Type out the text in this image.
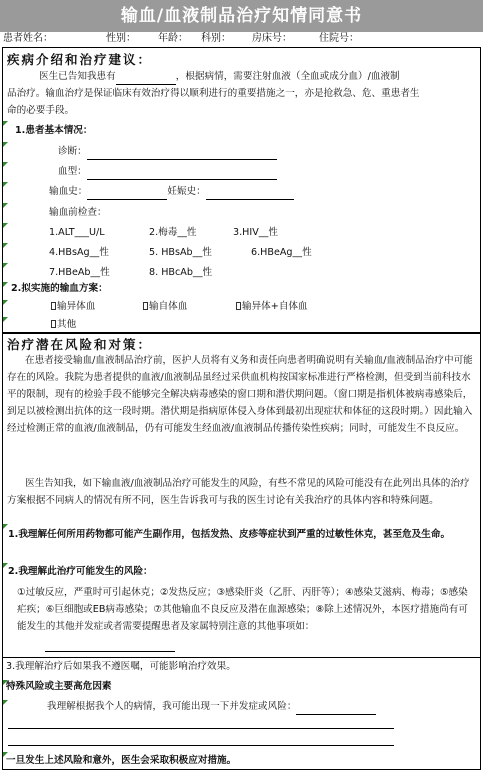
输血/血液制品治疗知情同意书
患者姓名：	性别： 年龄： 科别： 房床号：	住院号：
疾病介绍和治疗建议：
医生已告知我患有	，根据病情，需要注射血液（全血或成分血）/血液制
品治疗。输血治疗是保证临床有效治疗得以顺利进行的重要措施之一，亦是抢救急、危、重患者生
命的必要手段。
1.患者基本情况：
诊断：
血型：
输血史：	妊娠史：
输血前检查：
1.ALT___U/L	2.梅毒__性	3.HIV__性
4.HBsAg__性	5. HBsAb__性	6.HBeAg__性
7.HBeAb__性	8. HBcAb__性
2.拟实施的输血方案：
输异体血	输自体血	输异体+自体血
其他
治疗潜在风险和对策：
在患者接受输血/血液制品治疗前，医护人员将有义务和责任向患者明确说明有关输血/血液制品治疗中可能存在的风险。我院为患者提供的血液/血液制品虽经过采供血机构按国家标准进行严格检测，但受到当前科技水平的限制，现有的检验手段不能够完全解决病毒感染的窗口期和潜伏期问题。（窗口期是指机体被病毒感染后，到足以被检测出抗体的这一段时期。潜伏期是指病原体侵入身体到最初出现症状和体征的这段时期。）因此输入经过检测正常的血液/血液制品，仍有可能发生经血液/血液制品传播传染性疾病；同时，可能发生不良反应。
医生告知我，如下输血液/血液制品治疗可能发生的风险，有些不常见的风险可能没有在此列出具体的治疗方案根据不同病人的情况有所不同，医生告诉我可与我的医生讨论有关我治疗的具体内容和特殊问题。
1.我理解任何所用药物都可能产生副作用，包括发热、皮疹等症状到严重的过敏性休克，甚至危及生命。
2.我理解此治疗可能发生的风险：
①过敏反应，严重时可引起休克；②发热反应；③感染肝炎（乙肝、丙肝等）；④感染艾滋病、梅毒；⑤感染疟疾；⑥巨细胞或EB病毒感染；⑦其他输血不良反应及潜在血源感染；⑧除上述情况外，本医疗措施尚有可能发生的其他并发症或者需要提醒患者及家属特别注意的其他事项如：
3.我理解治疗后如果我不遵医嘱，可能影响治疗效果。
特殊风险或主要高危因素
我理解根据我个人的病情，我可能出现一下并发症或风险：
一旦发生上述风险和意外，医生会采取积极应对措施。
